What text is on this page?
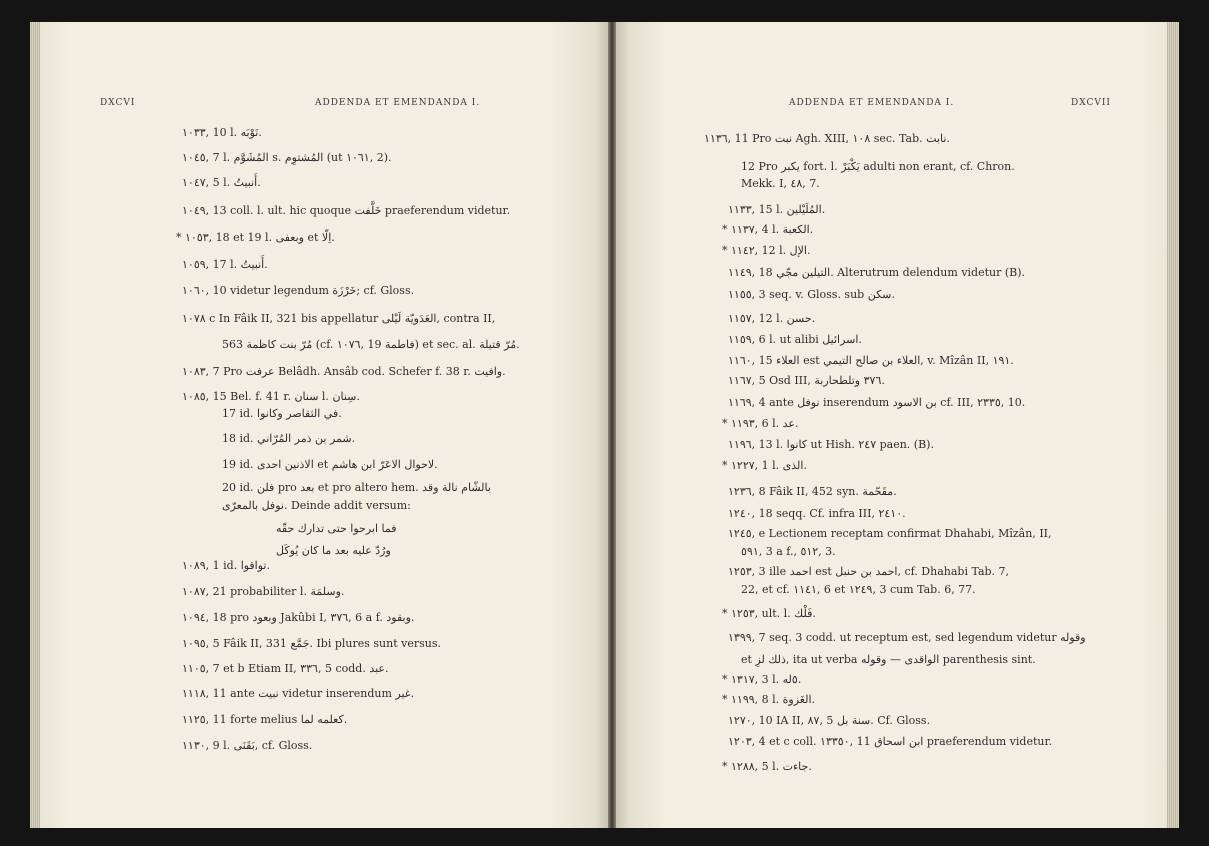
DXCVI	ADDENDA ET EMENDANDA I.
١٠٣٣, 10 l. نَوْبَه.
١٠٤٥, 7 l. المُشَوَّم s. المُشتوِم (ut ١٠٦١, 2).
١٠٤٧, 5 l. أَنبيتُ.
١٠٤٩, 13 coll. l. ult. hic quoque خَلَّفت praeferendum videtur.
* ١٠٥٣, 18 et 19 l. وبعفى et اِلّا.
١٠٥٩, 17 l. أَنبيتُ.
١٠٦٠, 10 videtur legendum خَرْزَة; cf. Gloss.
١٠٧٨ c In Fâik II, 321 bis appellatur العَدَويّة لَيْلى, contra II,
563 مُرّ بنت كاظمة (cf. ١٠٧٦, 19 فاطمة) et sec. al. مُرّ قتيلة.
١٠٨٣, 7 Pro عرفت Belâdh. Ansâb cod. Schefer f. 38 r. وافيت.
١٠٨٥, 15 Bel. f. 41 r. سنان l. سِنان.
17 id. في الثقاصر وكانوا.
18 id. شمر بن ذمر المُرّاني.
19 id. الاذنين احدى et لاحوال الاعَرّ ابن هاشم.
20 id. فلن pro بعد et pro altero hem. بالشّام نالة وقد
نوفل بالمعرّى. Deinde addit versum:
فما ابرحوا حتى تدارك حقّه
ورُدّ عليه بعد ما كان يُوكَل
١٠٨٩, 1 id. تواقوا.
١٠٨٧, 21 probabiliter l. وسلمَة.
١٠٩٤, 18 pro وبعود Jakûbi I, ٣٧٦, 6 a f. وبقود.
١٠٩٥, 5 Fâik II, 331 جَمَّع. Ibi plures sunt versus.
١١٠٥, 7 et b Etiam II, ٣٣٦, 5 codd. عبد.
١١١٨, 11 ante نبيت videtur inserendum غير.
١١٢٥, 11 forte melius كعلمه لما.
١١٣٠, 9 l. بَقَنَى, cf. Gloss.
ADDENDA ET EMENDANDA I.	DXCVII
١١٣٦, 11 Pro نبت Agh. XIII, ١٠٨ sec. Tab. نابت.
12 Pro يكبر fort. l. يَكْبَرْ adulti non erant, cf. Chron.
Mekk. I, ٤٨, 7.
١١٣٣, 15 l. المُلَيْلين.
* ١١٣٧, 4 l. الكعبة.
* ١١٤٢, 12 l. الإل.
١١٤٩, 18 التيلين مجّي. Alterutrum delendum videtur (B).
١١٥٥, 3 seq. v. Gloss. sub سكن.
١١٥٧, 12 l. حسن.
١١٥٩, 6 l. ut alibi اسرائيل.
١١٦٠, 15 العلاء est العلاء بن صالح التيمي, v. Mîzân II, ١٩١.
١١٦٧, 5 Osd III, ٣٧٦ وتلطحاربة.
١١٦٩, 4 ante نوفل inserendum بن الاسود cf. III, ٢٣٣٥, 10.
* ١١٩٣, 6 l. عد.
١١٩٦, 13 l. كانوا ut Hish. ٢٤٧ paen. (B).
* ١٢٢٧, 1 l. الذى.
١٢٣٦, 8 Fâik II, 452 syn. مقَحّمة.
١٢٤٠, 18 seqq. Cf. infra III, ٢٤١٠.
١٢٤٥, e Lectionem receptam confirmat Dhahabi, Mîzân, II,
٥٩١, 3 a f., ٥١٢, 3.
١٢٥٣, 3 ille احمد est احمد بن حنبل, cf. Dhahabi Tab. 7,
22, et cf. ١١٤١, 6 et ١٢٤٩, 3 cum Tab. 6, 77.
* ١٢٥٣, ult. l. فَلْك.
١٣٩٩, 7 seq. 3 codd. ut receptum est, sed legendum videtur وقوله
et ذلك لزِ, ita ut verba الواقدى — وقوله parenthesis sint.
* ١٣١٧, 3 l. ٥له.
* ١١٩٩, 8 l. الغَزوة.
١٢٧٠, 10 IA II, ٨٧, 5 سنة بل. Cf. Gloss.
١٢٠٣, 4 et c coll. ١٣٣٥٠, 11 ابن اسحاق praeferendum videtur.
* ١٢٨٨, 5 l. جاءت.
